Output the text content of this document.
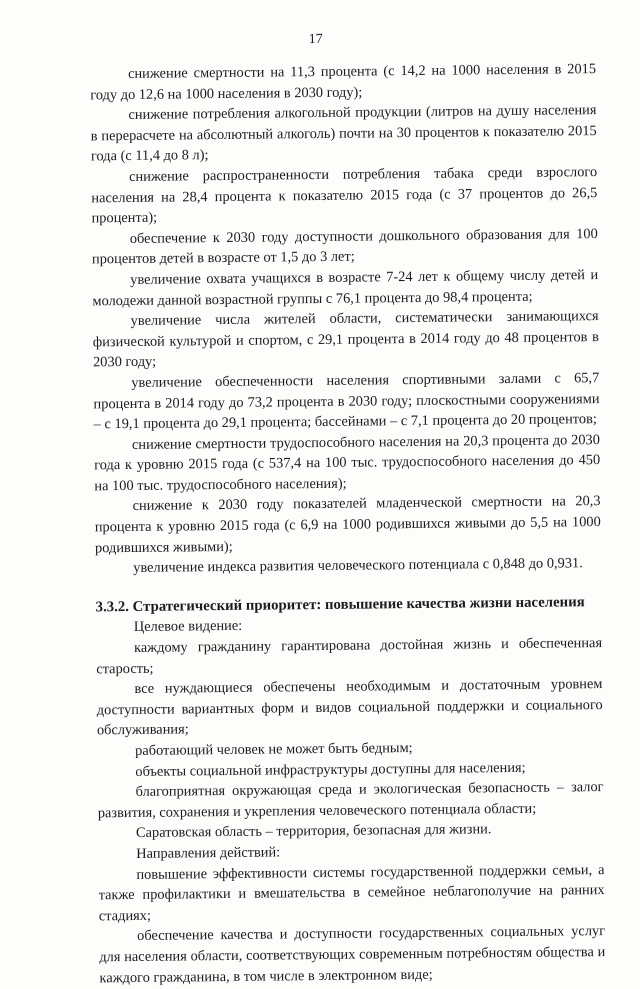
17

снижение смертности на 11,3 процента (с 14,2 на 1000 населения в 2015 году до 12,6 на 1000 населения в 2030 году);

снижение потребления алкогольной продукции (литров на душу населения в перерасчете на абсолютный алкоголь) почти на 30 процентов к показателю 2015 года (с 11,4 до 8 л);

снижение распространенности потребления табака среди взрослого населения на 28,4 процента к показателю 2015 года (с 37 процентов до 26,5 процента);

обеспечение к 2030 году доступности дошкольного образования для 100 процентов детей в возрасте от 1,5 до 3 лет;

увеличение охвата учащихся в возрасте 7-24 лет к общему числу детей и молодежи данной возрастной группы с 76,1 процента до 98,4 процента;

увеличение числа жителей области, систематически занимающихся физической культурой и спортом, с 29,1 процента в 2014 году до 48 процентов в 2030 году;

увеличение обеспеченности населения спортивными залами с 65,7 процента в 2014 году до 73,2 процента в 2030 году; плоскостными сооружениями – с 19,1 процента до 29,1 процента; бассейнами – с 7,1 процента до 20 процентов;

снижение смертности трудоспособного населения на 20,3 процента до 2030 года к уровню 2015 года (с 537,4 на 100 тыс. трудоспособного населения до 450 на 100 тыс. трудоспособного населения);

снижение к 2030 году показателей младенческой смертности на 20,3 процента к уровню 2015 года (с 6,9 на 1000 родившихся живыми до 5,5 на 1000 родившихся живыми);

увеличение индекса развития человеческого потенциала с 0,848 до 0,931.

3.3.2. Стратегический приоритет: повышение качества жизни населения

Целевое видение:

каждому гражданину гарантирована достойная жизнь и обеспеченная старость;

все нуждающиеся обеспечены необходимым и достаточным уровнем доступности вариантных форм и видов социальной поддержки и социального обслуживания;

работающий человек не может быть бедным;

объекты социальной инфраструктуры доступны для населения;

благоприятная окружающая среда и экологическая безопасность – залог развития, сохранения и укрепления человеческого потенциала области;

Саратовская область – территория, безопасная для жизни.

Направления действий:

повышение эффективности системы государственной поддержки семьи, а также профилактики и вмешательства в семейное неблагополучие на ранних стадиях;

обеспечение качества и доступности государственных социальных услуг для населения области, соответствующих современным потребностям общества и каждого гражданина, в том числе в электронном виде;
